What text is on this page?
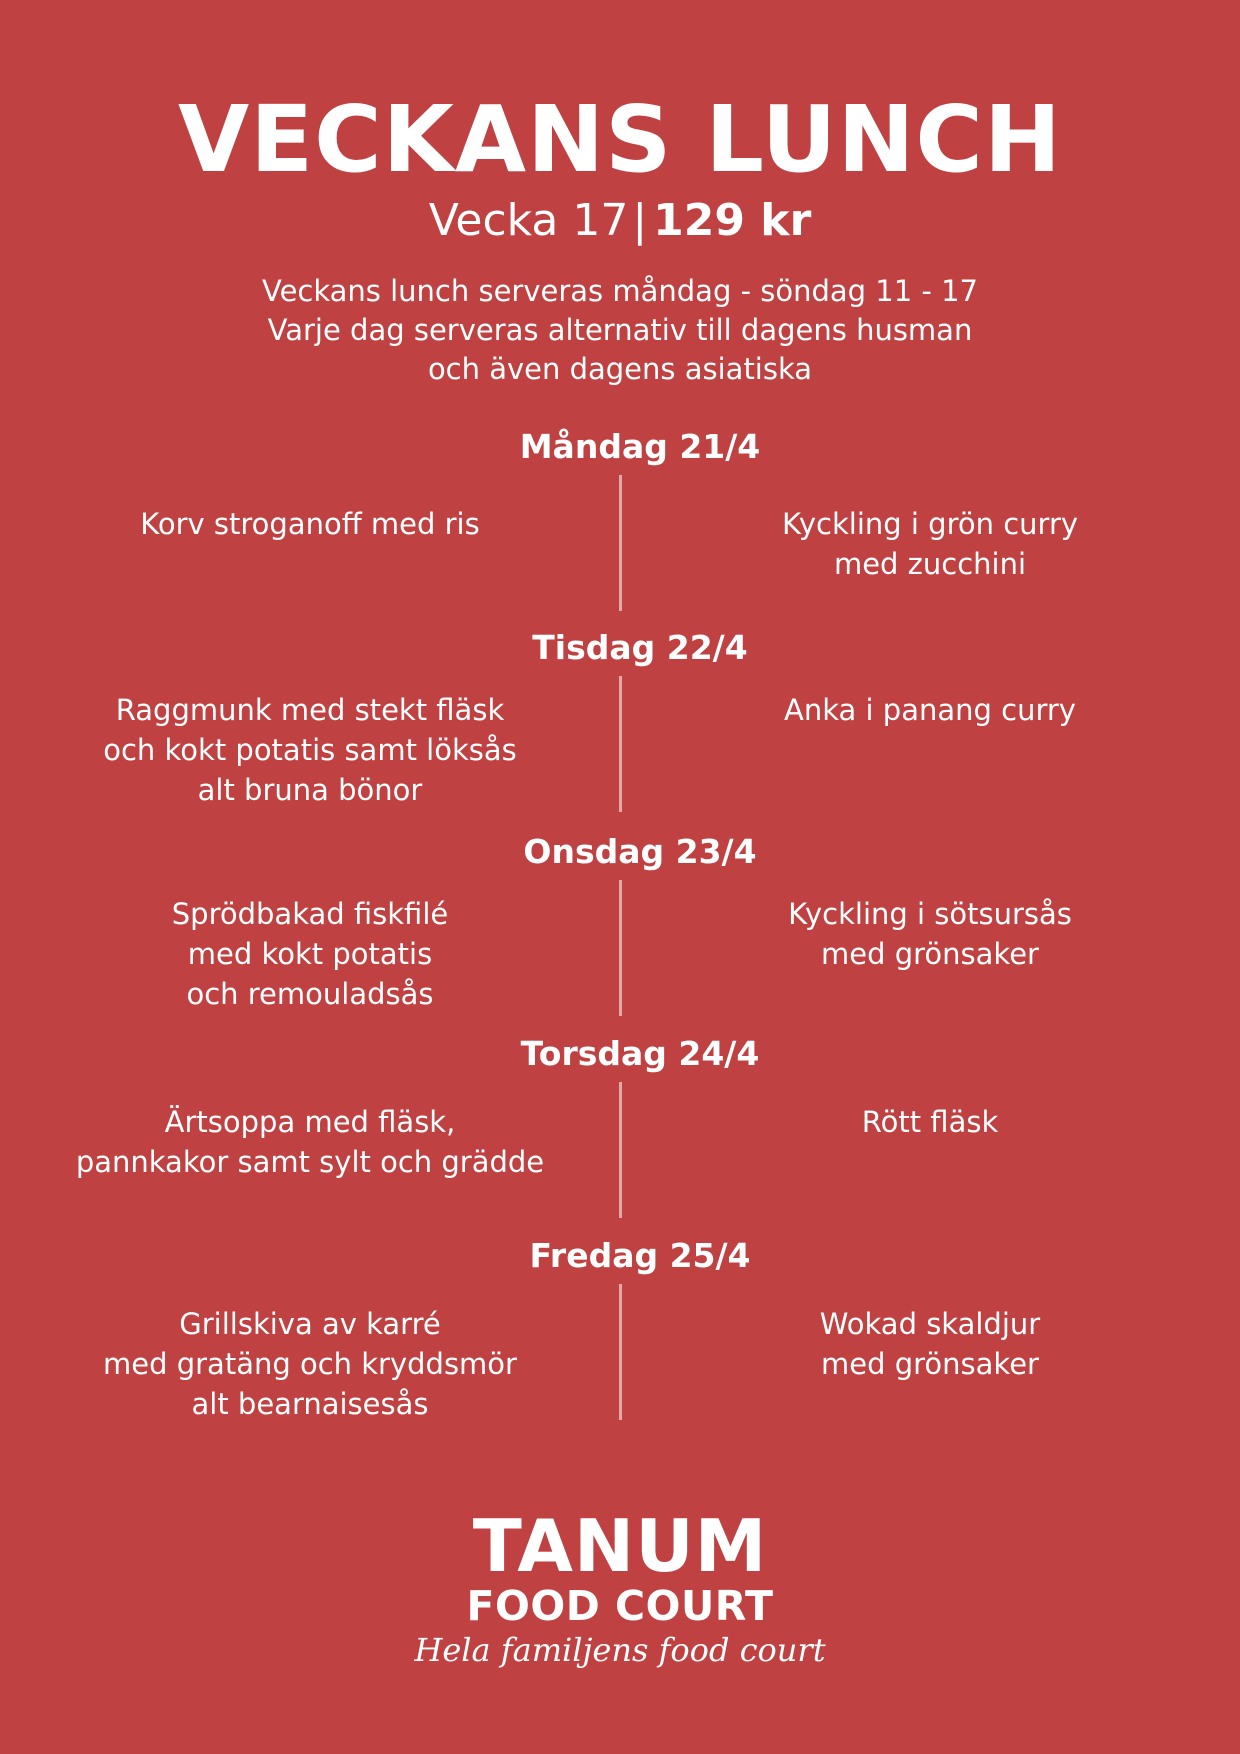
VECKANS LUNCH
Vecka 17| 129 kr
Veckans lunch serveras måndag - söndag 11 - 17
Varje dag serveras alternativ till dagens husman
och även dagens asiatiska
Måndag 21/4
Korv stroganoff med ris	Kyckling i grön curry
med zucchini
Tisdag 22/4
Raggmunk med stekt fläsk
och kokt potatis samt löksås
alt bruna bönor
Anka i panang curry
Onsdag 23/4
Sprödbakad fiskfilé
med kokt potatis
och remouladsås
Kyckling i sötsursås
med grönsaker
Torsdag 24/4
Ärtsoppa med fläsk,
pannkakor samt sylt och grädde
Rött fläsk
Fredag 25/4
Grillskiva av karré
med gratäng och kryddsmör
alt bearnaisesås
Wokad skaldjur
med grönsaker
TANUM
FOOD COURT
Hela familjens food court
